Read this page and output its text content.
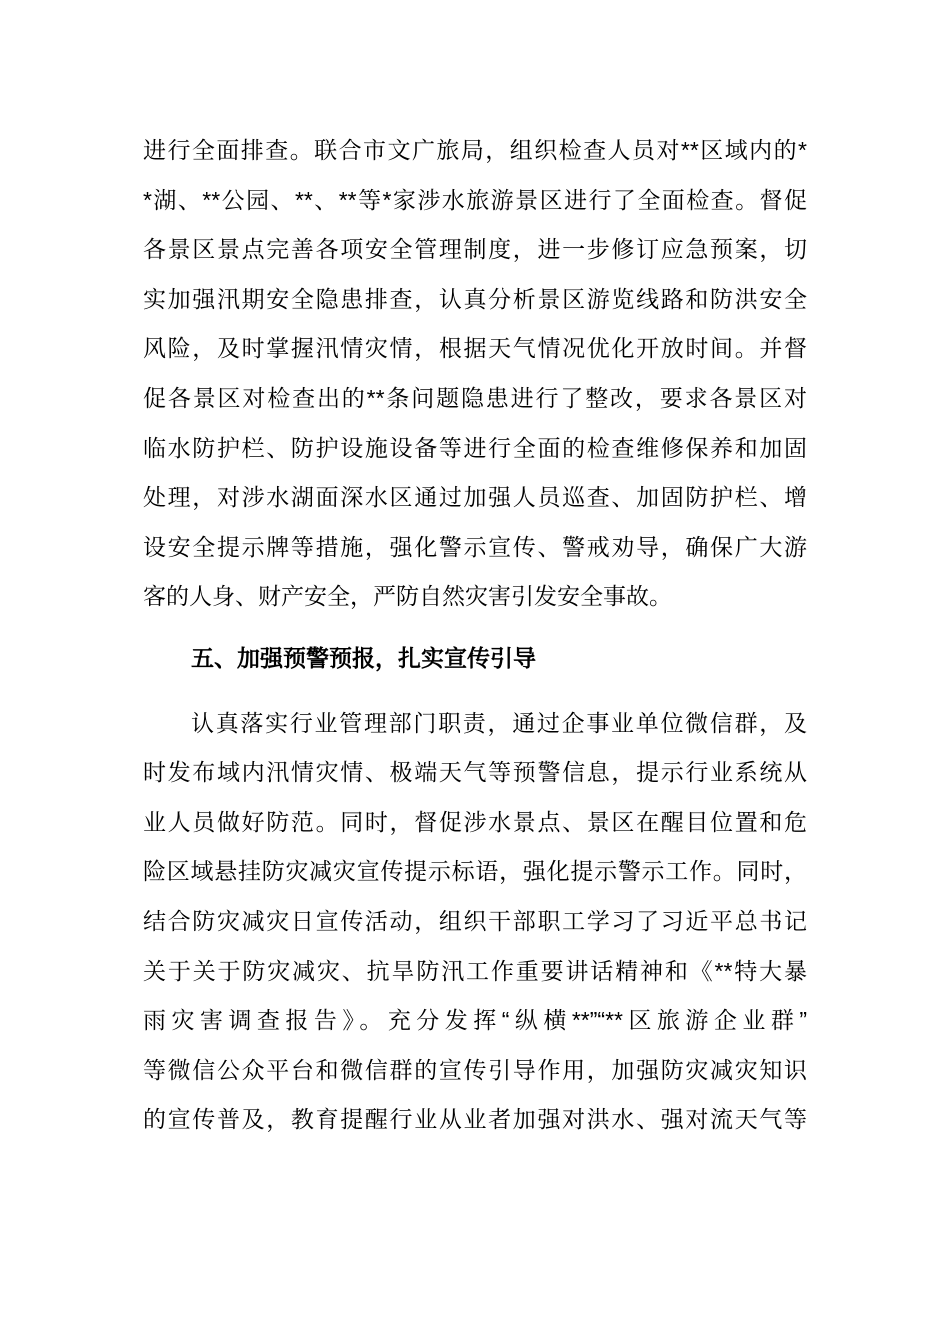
进行全面排查。联合市文广旅局，组织检查人员对**区域内的*
*湖、**公园、**、**等*家涉水旅游景区进行了全面检查。督促
各景区景点完善各项安全管理制度，进一步修订应急预案，切
实加强汛期安全隐患排查，认真分析景区游览线路和防洪安全
风险，及时掌握汛情灾情，根据天气情况优化开放时间。并督
促各景区对检查出的**条问题隐患进行了整改，要求各景区对
临水防护栏、防护设施设备等进行全面的检查维修保养和加固
处理，对涉水湖面深水区通过加强人员巡查、加固防护栏、增
设安全提示牌等措施，强化警示宣传、警戒劝导，确保广大游
客的人身、财产安全，严防自然灾害引发安全事故。
五、加强预警预报，扎实宣传引导
认真落实行业管理部门职责，通过企事业单位微信群，及
时发布域内汛情灾情、极端天气等预警信息，提示行业系统从
业人员做好防范。同时，督促涉水景点、景区在醒目位置和危
险区域悬挂防灾减灾宣传提示标语，强化提示警示工作。同时，
结合防灾减灾日宣传活动，组织干部职工学习了习近平总书记
关于关于防灾减灾、抗旱防汛工作重要讲话精神和《**特大暴
雨灾害调查报告》。充分发挥“纵横**”“**区旅游企业群”
等微信公众平台和微信群的宣传引导作用，加强防灾减灾知识
的宣传普及，教育提醒行业从业者加强对洪水、强对流天气等
